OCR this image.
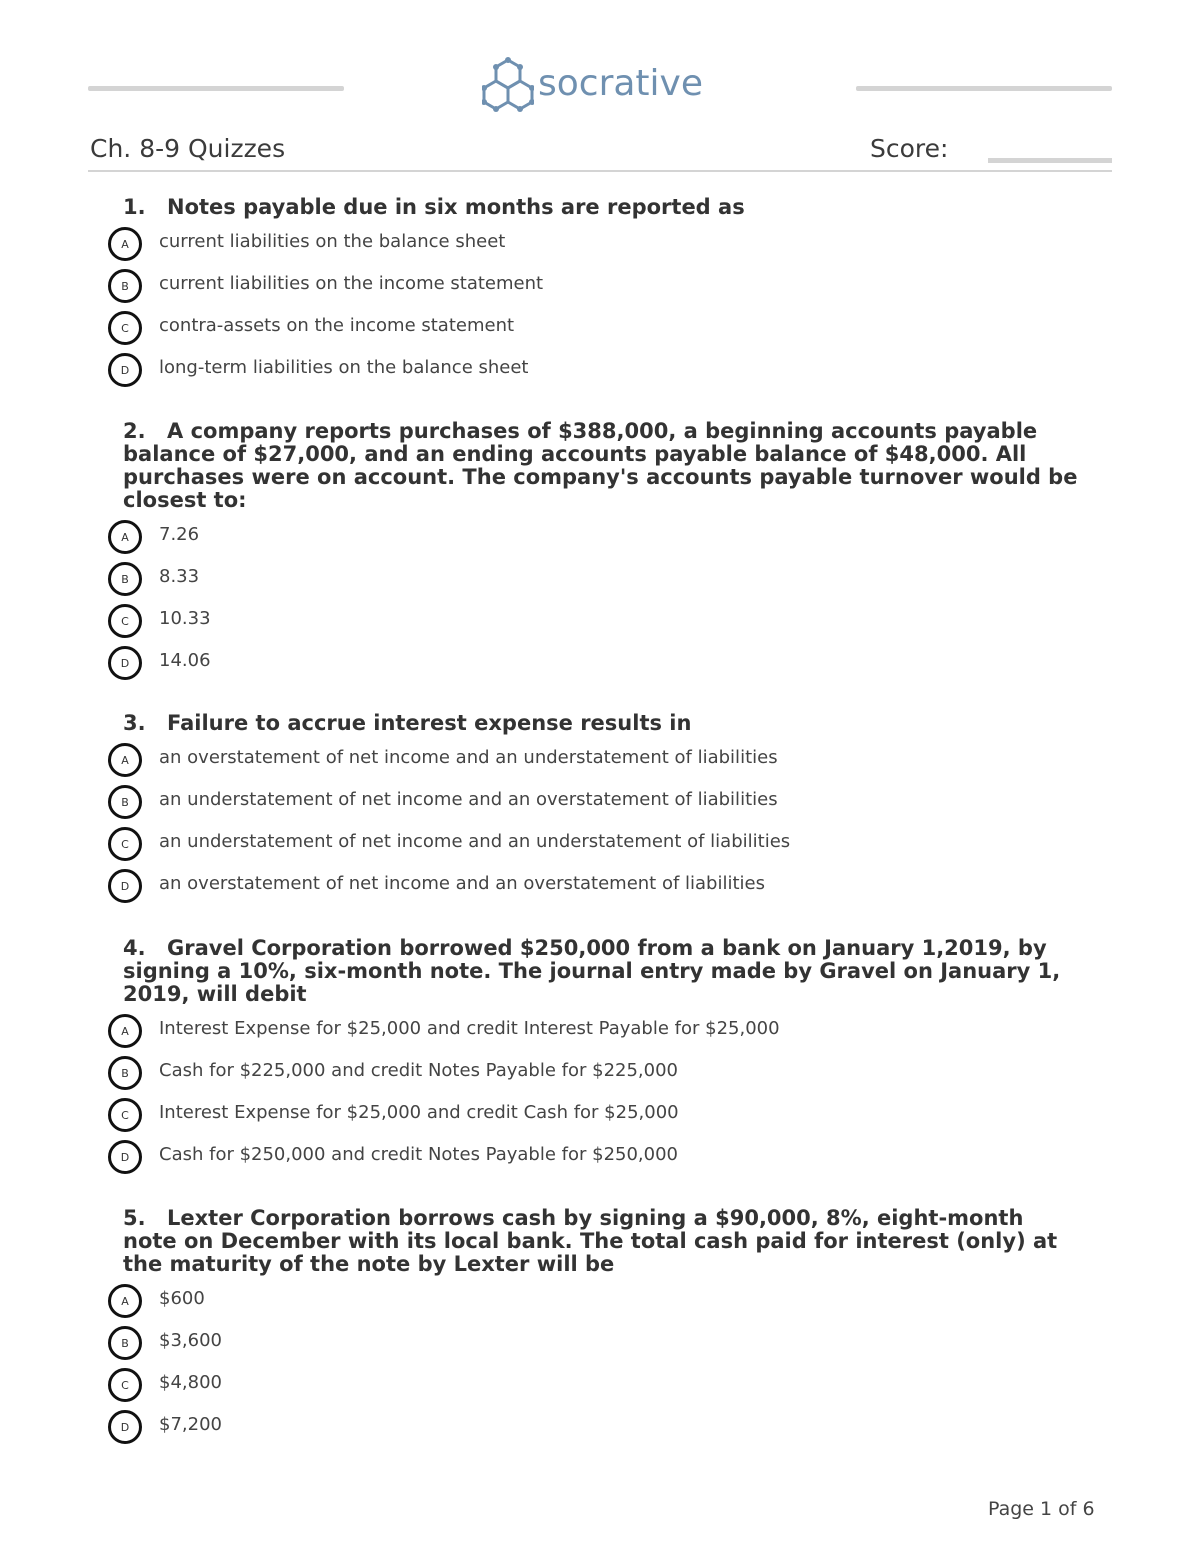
socrative
Ch. 8-9 Quizzes	Score:
1. Notes payable due in six months are reported as
A	current liabilities on the balance sheet
B	current liabilities on the income statement
C	contra-assets on the income statement
D	long-term liabilities on the balance sheet
2. A company reports purchases of $388,000, a beginning accounts payable balance of $27,000, and an ending accounts payable balance of $48,000. All purchases were on account. The company's accounts payable turnover would be closest to:
A	7.26
B	8.33
C	10.33
D	14.06
3. Failure to accrue interest expense results in
A	an overstatement of net income and an understatement of liabilities
B	an understatement of net income and an overstatement of liabilities
C	an understatement of net income and an understatement of liabilities
D	an overstatement of net income and an overstatement of liabilities
4. Gravel Corporation borrowed $250,000 from a bank on January 1,2019, by signing a 10%, six-month note. The journal entry made by Gravel on January 1, 2019, will debit
A	Interest Expense for $25,000 and credit Interest Payable for $25,000
B	Cash for $225,000 and credit Notes Payable for $225,000
C	Interest Expense for $25,000 and credit Cash for $25,000
D	Cash for $250,000 and credit Notes Payable for $250,000
5. Lexter Corporation borrows cash by signing a $90,000, 8%, eight-month note on December with its local bank. The total cash paid for interest (only) at the maturity of the note by Lexter will be
A	$600
B	$3,600
C	$4,800
D	$7,200
Page 1 of 6
